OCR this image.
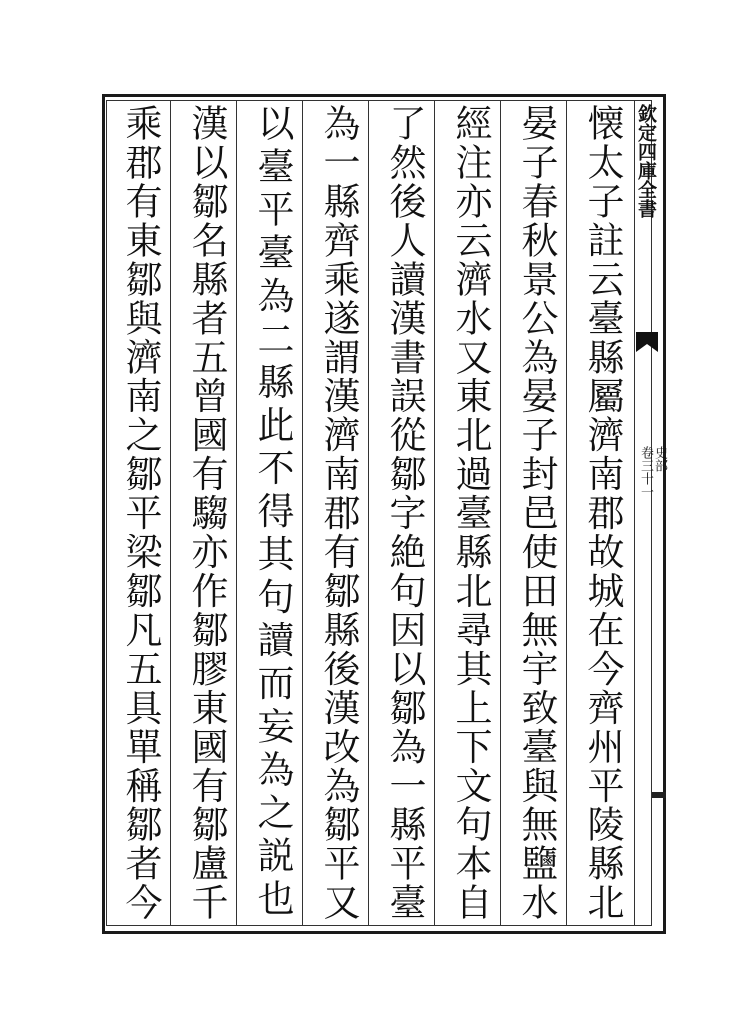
欽定四庫全書
卷三十一 史部
懐太子註云臺縣屬濟南郡故城在今齊州平陵縣北
晏子春秋景公為晏子封邑使田無宇致臺與無鹽水
經注亦云濟水又東北過臺縣北尋其上下文句本自
了然後人讀漢書誤從鄒字絶句因以鄒為一縣平臺
為一縣齊乘遂謂漢濟南郡有鄒縣後漢改為鄒平又
以臺平臺為二縣此不得其句讀而妄為之説也
漢以鄒名縣者五曾國有騶亦作鄒膠東國有鄒盧千
乘郡有東鄒與濟南之鄒平梁鄒凡五具單稱鄒者今
